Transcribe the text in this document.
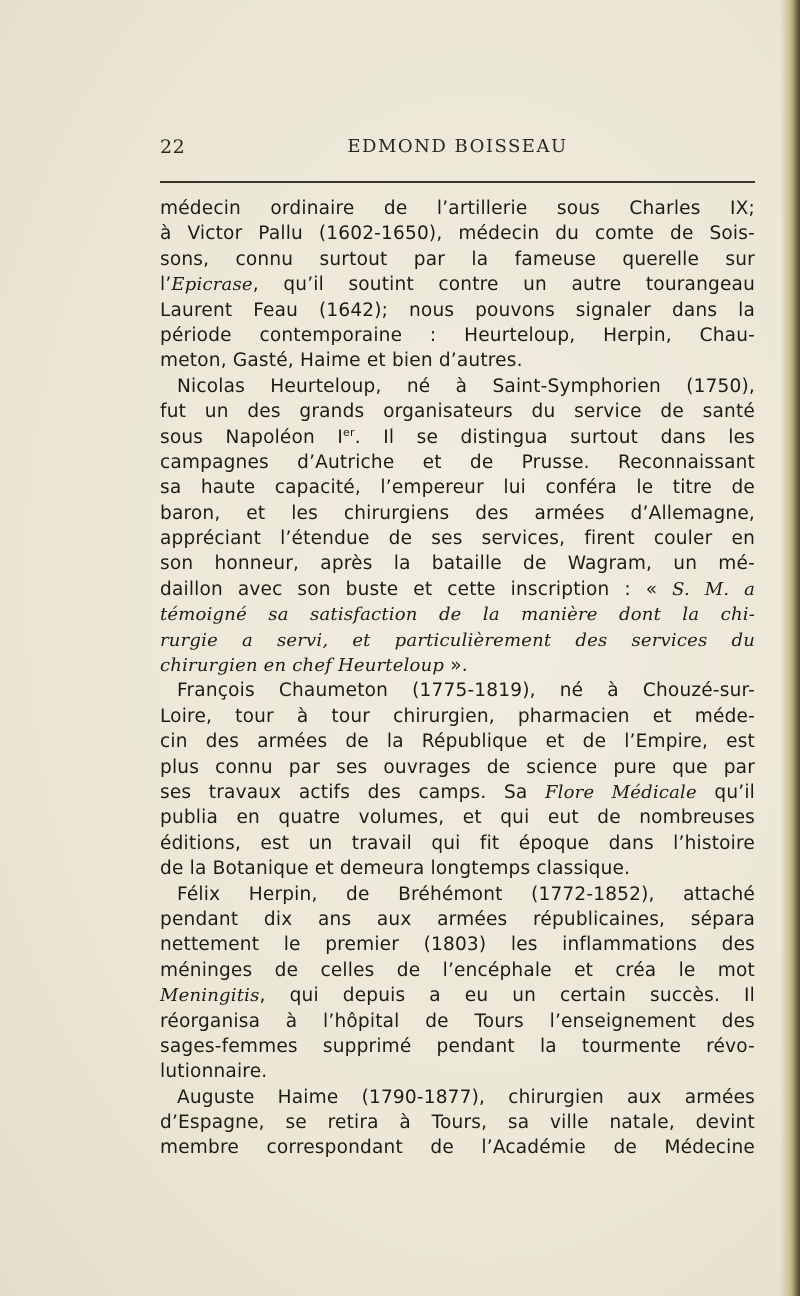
22	EDMOND BOISSEAU
médecin ordinaire de l’artillerie sous Charles IX;
à Victor Pallu (1602-1650), médecin du comte de Sois-
sons, connu surtout par la fameuse querelle sur
l’Epicrase, qu’il soutint contre un autre tourangeau
Laurent Feau (1642); nous pouvons signaler dans la
période contemporaine : Heurteloup, Herpin, Chau-
meton, Gasté, Haime et bien d’autres.
Nicolas Heurteloup, né à Saint-Symphorien (1750),
fut un des grands organisateurs du service de santé
sous Napoléon Ier. Il se distingua surtout dans les
campagnes d’Autriche et de Prusse. Reconnaissant
sa haute capacité, l’empereur lui conféra le titre de
baron, et les chirurgiens des armées d’Allemagne,
appréciant l’étendue de ses services, firent couler en
son honneur, après la bataille de Wagram, un mé-
daillon avec son buste et cette inscription : « S. M. a
témoigné sa satisfaction de la manière dont la chi-
rurgie a servi, et particulièrement des services du
chirurgien en chef Heurteloup ».
François Chaumeton (1775-1819), né à Chouzé-sur-
Loire, tour à tour chirurgien, pharmacien et méde-
cin des armées de la République et de l’Empire, est
plus connu par ses ouvrages de science pure que par
ses travaux actifs des camps. Sa Flore Médicale qu’il
publia en quatre volumes, et qui eut de nombreuses
éditions, est un travail qui fit époque dans l’histoire
de la Botanique et demeura longtemps classique.
Félix Herpin, de Bréhémont (1772-1852), attaché
pendant dix ans aux armées républicaines, sépara
nettement le premier (1803) les inflammations des
méninges de celles de l’encéphale et créa le mot
Meningitis, qui depuis a eu un certain succès. Il
réorganisa à l’hôpital de Tours l’enseignement des
sages-femmes supprimé pendant la tourmente révo-
lutionnaire.
Auguste Haime (1790-1877), chirurgien aux armées
d’Espagne, se retira à Tours, sa ville natale, devint
membre correspondant de l’Académie de Médecine
